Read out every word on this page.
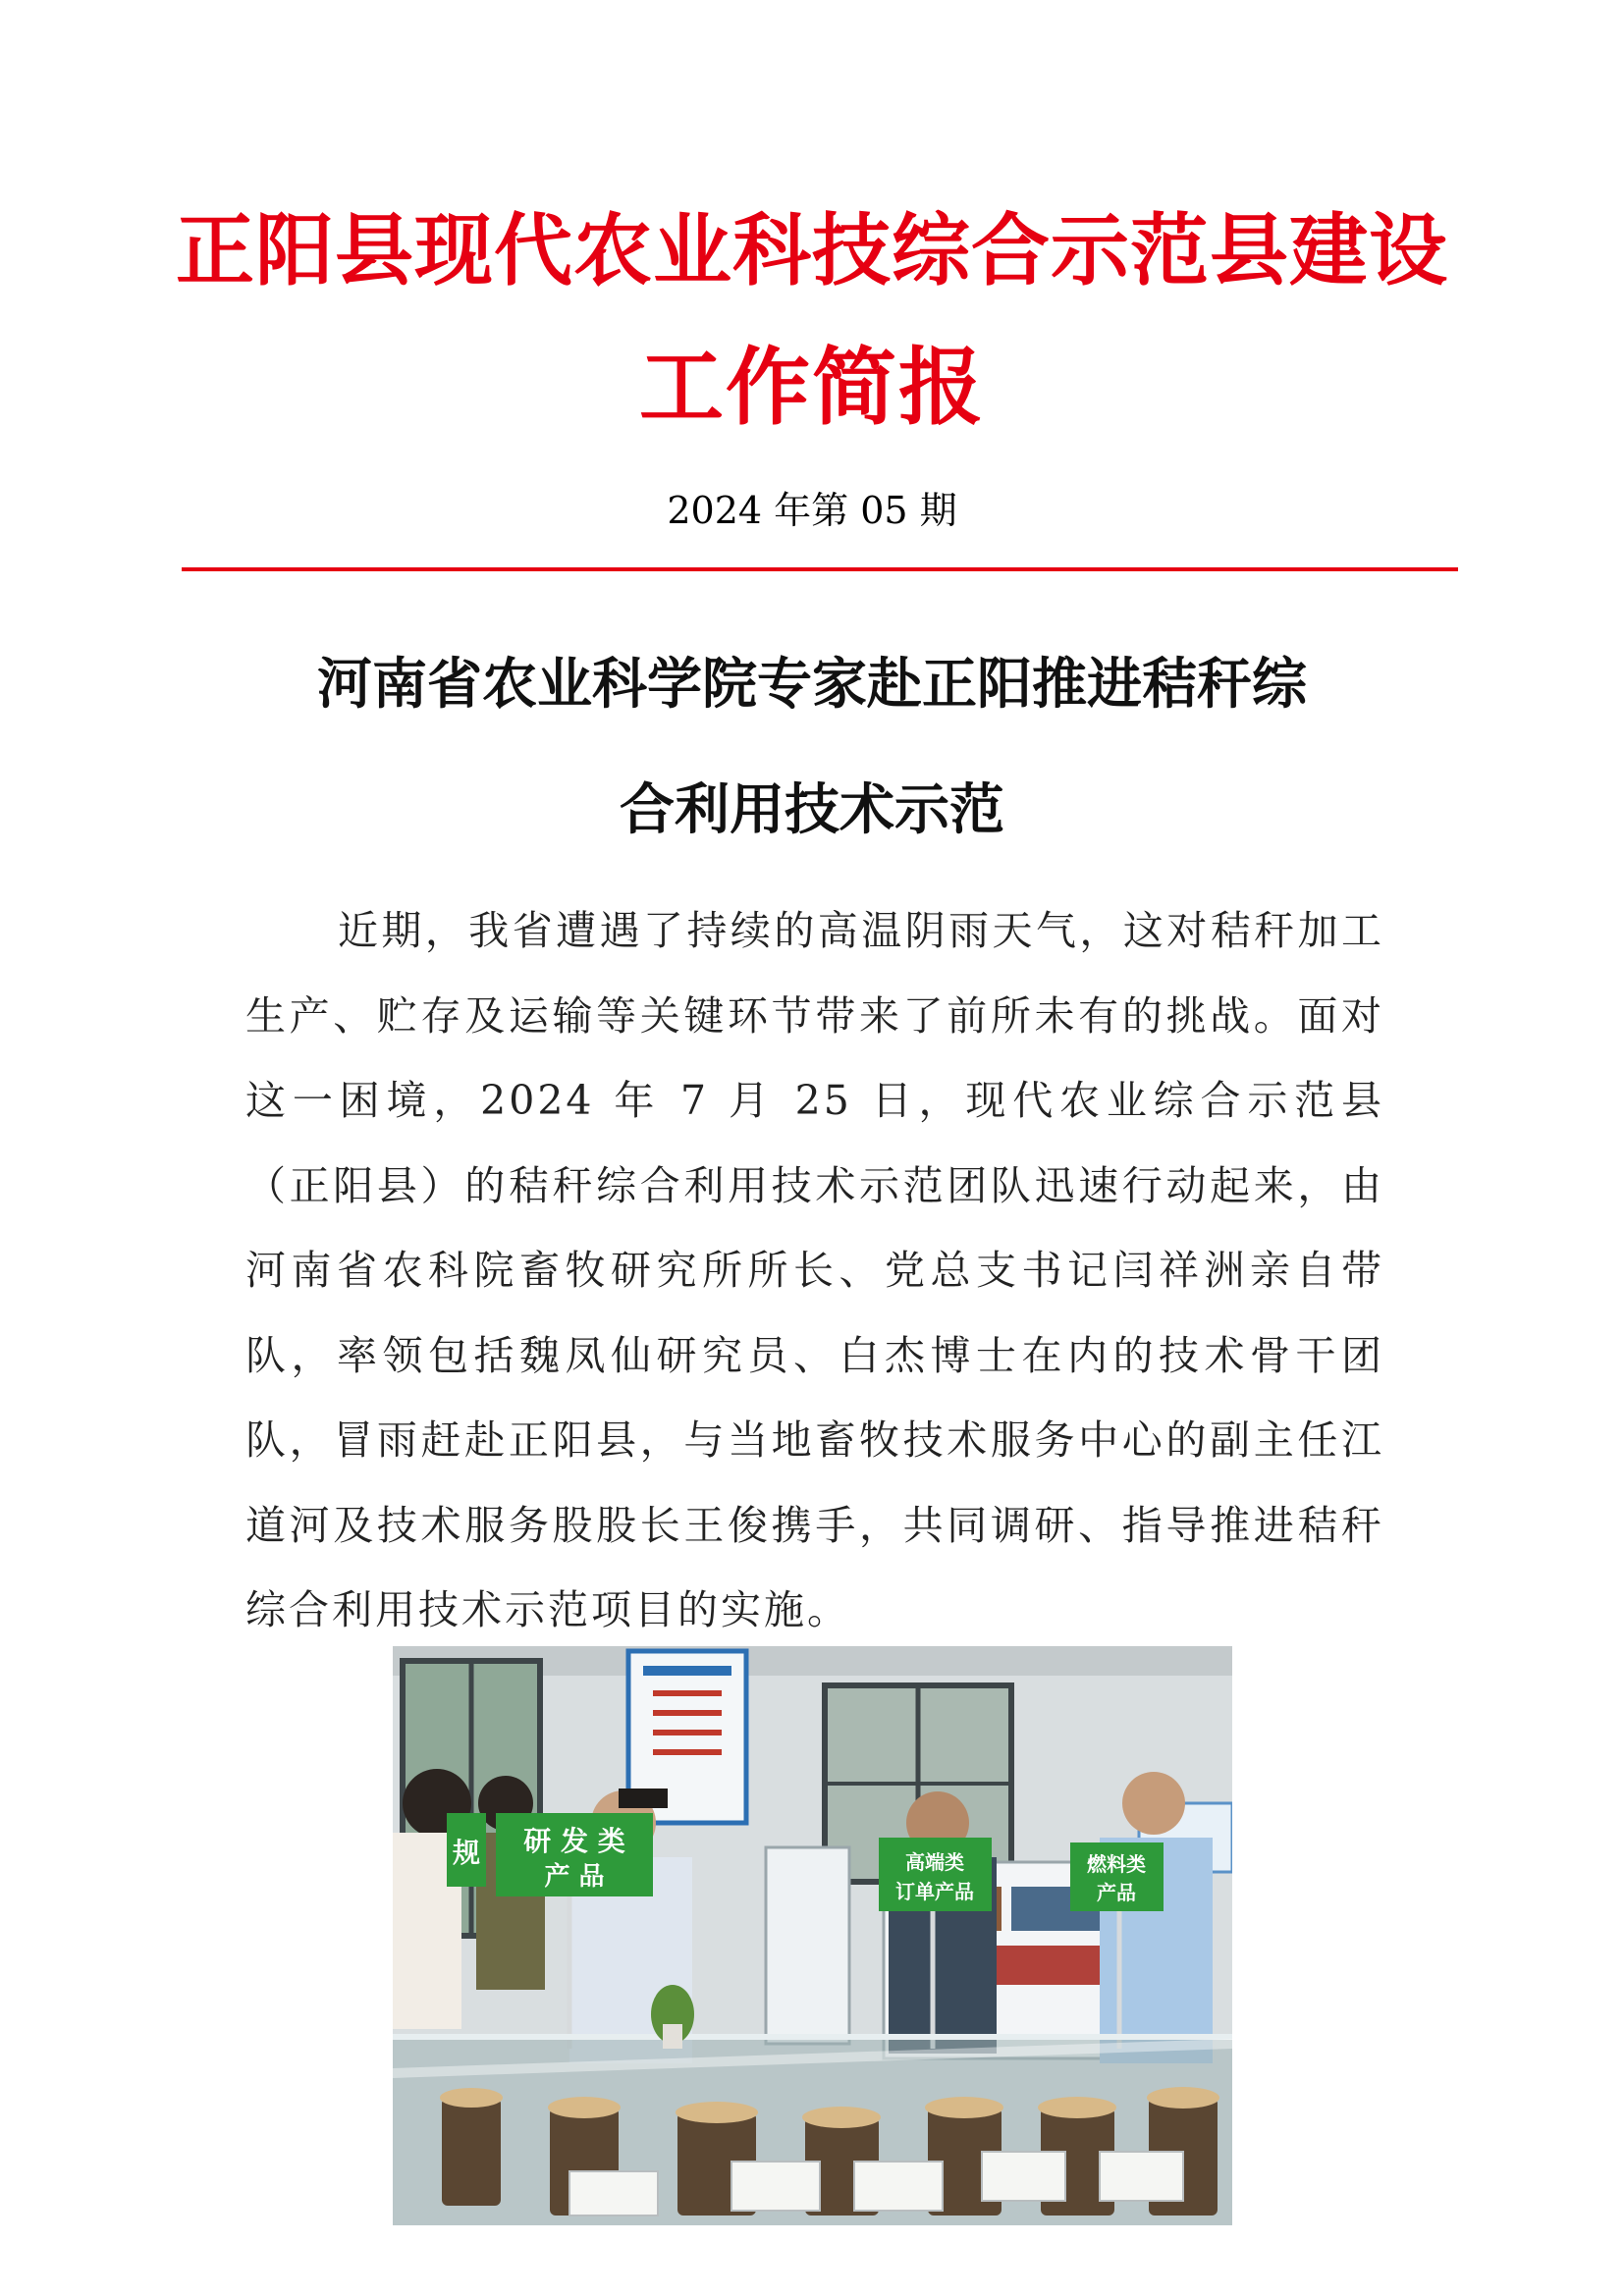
正阳县现代农业科技综合示范县建设
工作简报
2024 年第 05 期
河南省农业科学院专家赴正阳推进秸秆综
合利用技术示范
近期，我省遭遇了持续的高温阴雨天气，这对秸秆加工生产、贮存及运输等关键环节带来了前所未有的挑战。面对这一困境，2024 年 7 月 25 日，现代农业综合示范县（正阳县）的秸秆综合利用技术示范团队迅速行动起来，由河南省农科院畜牧研究所所长、党总支书记闫祥洲亲自带队，率领包括魏凤仙研究员、白杰博士在内的技术骨干团队，冒雨赶赴正阳县，与当地畜牧技术服务中心的副主任江道河及技术服务股股长王俊携手，共同调研、指导推进秸秆综合利用技术示范项目的实施。
规 研 发 类
产 品	高端类
订单产品
燃料类
产品
